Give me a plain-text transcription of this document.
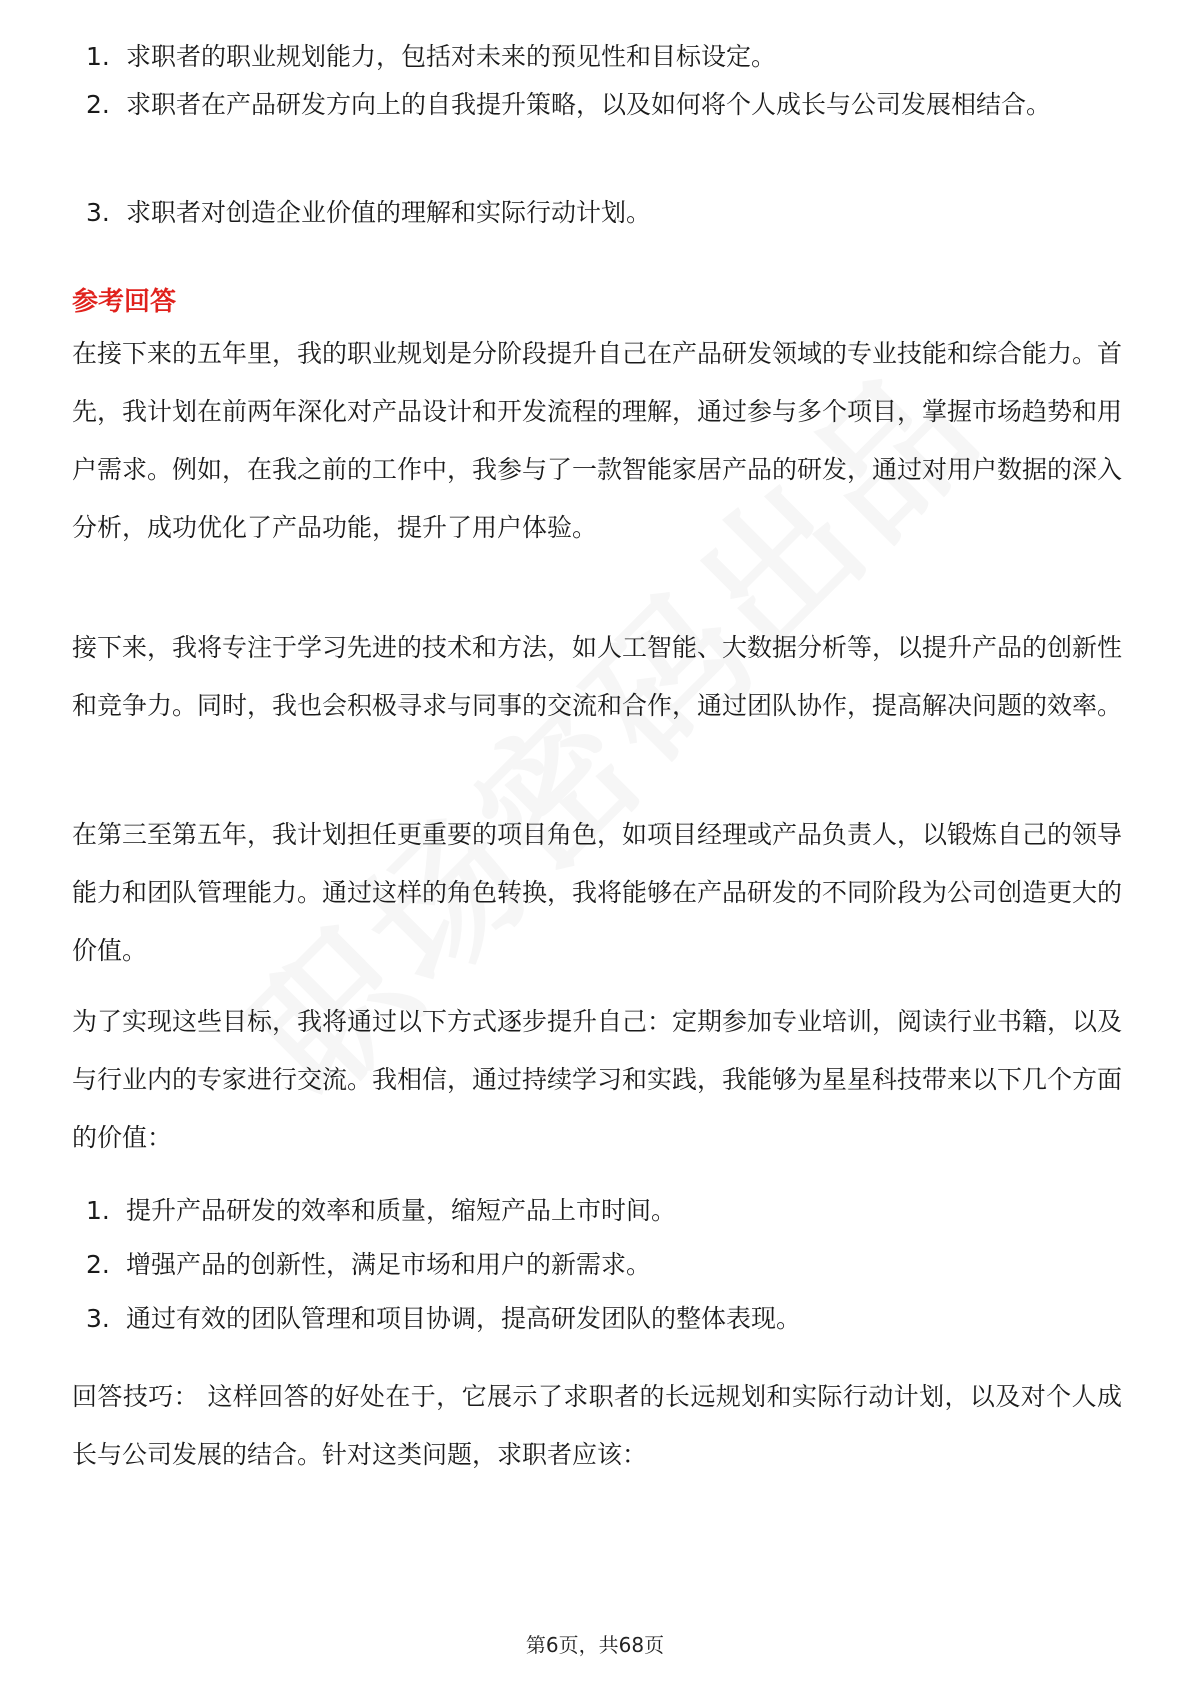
1. 求职者的职业规划能力，包括对未来的预见性和目标设定。
2. 求职者在产品研发方向上的自我提升策略，以及如何将个人成长与公司发展相结合。
3. 求职者对创造企业价值的理解和实际行动计划。
参考回答
在接下来的五年里，我的职业规划是分阶段提升自己在产品研发领域的专业技能和综合能力。首先，我计划在前两年深化对产品设计和开发流程的理解，通过参与多个项目，掌握市场趋势和用户需求。例如，在我之前的工作中，我参与了一款智能家居产品的研发，通过对用户数据的深入分析，成功优化了产品功能，提升了用户体验。
接下来，我将专注于学习先进的技术和方法，如人工智能、大数据分析等，以提升产品的创新性和竞争力。同时，我也会积极寻求与同事的交流和合作，通过团队协作，提高解决问题的效率。
在第三至第五年，我计划担任更重要的项目角色，如项目经理或产品负责人，以锻炼自己的领导能力和团队管理能力。通过这样的角色转换，我将能够在产品研发的不同阶段为公司创造更大的价值。
为了实现这些目标，我将通过以下方式逐步提升自己：定期参加专业培训，阅读行业书籍，以及与行业内的专家进行交流。我相信，通过持续学习和实践，我能够为星星科技带来以下几个方面的价值：
1. 提升产品研发的效率和质量，缩短产品上市时间。
2. 增强产品的创新性，满足市场和用户的新需求。
3. 通过有效的团队管理和项目协调，提高研发团队的整体表现。
回答技巧： 这样回答的好处在于，它展示了求职者的长远规划和实际行动计划，以及对个人成长与公司发展的结合。针对这类问题，求职者应该：
第6页，共68页
